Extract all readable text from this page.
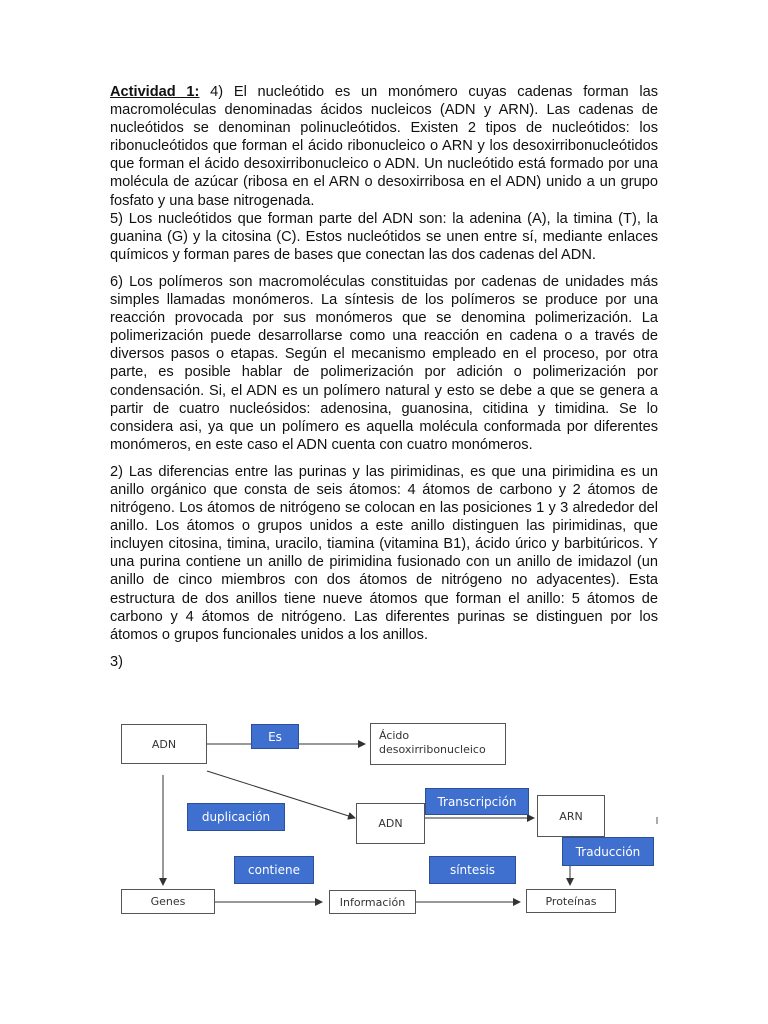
Actividad 1: 4) El nucleótido es un monómero cuyas cadenas forman las macromoléculas denominadas ácidos nucleicos (ADN y ARN). Las cadenas de nucleótidos se denominan polinucleótidos. Existen 2 tipos de nucleótidos: los ribonucleótidos que forman el ácido ribonucleico o ARN y los desoxirribonucleótidos que forman el ácido desoxirribonucleico o ADN. Un nucleótido está formado por una molécula de azúcar (ribosa en el ARN o desoxirribosa en el ADN) unido a un grupo fosfato y una base nitrogenada.

5) Los nucleótidos que forman parte del ADN son: la adenina (A), la timina (T), la guanina (G) y la citosina (C). Estos nucleótidos se unen entre sí, mediante enlaces químicos y forman pares de bases que conectan las dos cadenas del ADN.

6) Los polímeros son macromoléculas constituidas por cadenas de unidades más simples llamadas monómeros. La síntesis de los polímeros se produce por una reacción provocada por sus monómeros que se denomina polimerización. La polimerización puede desarrollarse como una reacción en cadena o a través de diversos pasos o etapas. Según el mecanismo empleado en el proceso, por otra parte, es posible hablar de polimerización por adición o polimerización por condensación. Si, el ADN es un polímero natural y esto se debe a que se genera a partir de cuatro nucleósidos: adenosina, guanosina, citidina y timidina. Se lo considera asi, ya que un polímero es aquella molécula conformada por diferentes monómeros, en este caso el ADN cuenta con cuatro monómeros.

2) Las diferencias entre las purinas y las pirimidinas, es que una pirimidina es un anillo orgánico que consta de seis átomos: 4 átomos de carbono y 2 átomos de nitrógeno. Los átomos de nitrógeno se colocan en las posiciones 1 y 3 alrededor del anillo. Los átomos o grupos unidos a este anillo distinguen las pirimidinas, que incluyen citosina, timina, uracilo, tiamina (vitamina B1), ácido úrico y barbitúricos. Y una purina contiene un anillo de pirimidina fusionado con un anillo de imidazol (un anillo de cinco miembros con dos átomos de nitrógeno no adyacentes). Esta estructura de dos anillos tiene nueve átomos que forman el anillo: 5 átomos de carbono y 4 átomos de nitrógeno. Las diferentes purinas se distinguen por los átomos o grupos funcionales unidos a los anillos.

3)

ADN
Ácido
desoxirribonucleico
ADN
ARN
Genes	Información	Proteínas
Es
duplicación
Transcripción
Traducción
contiene	síntesis
